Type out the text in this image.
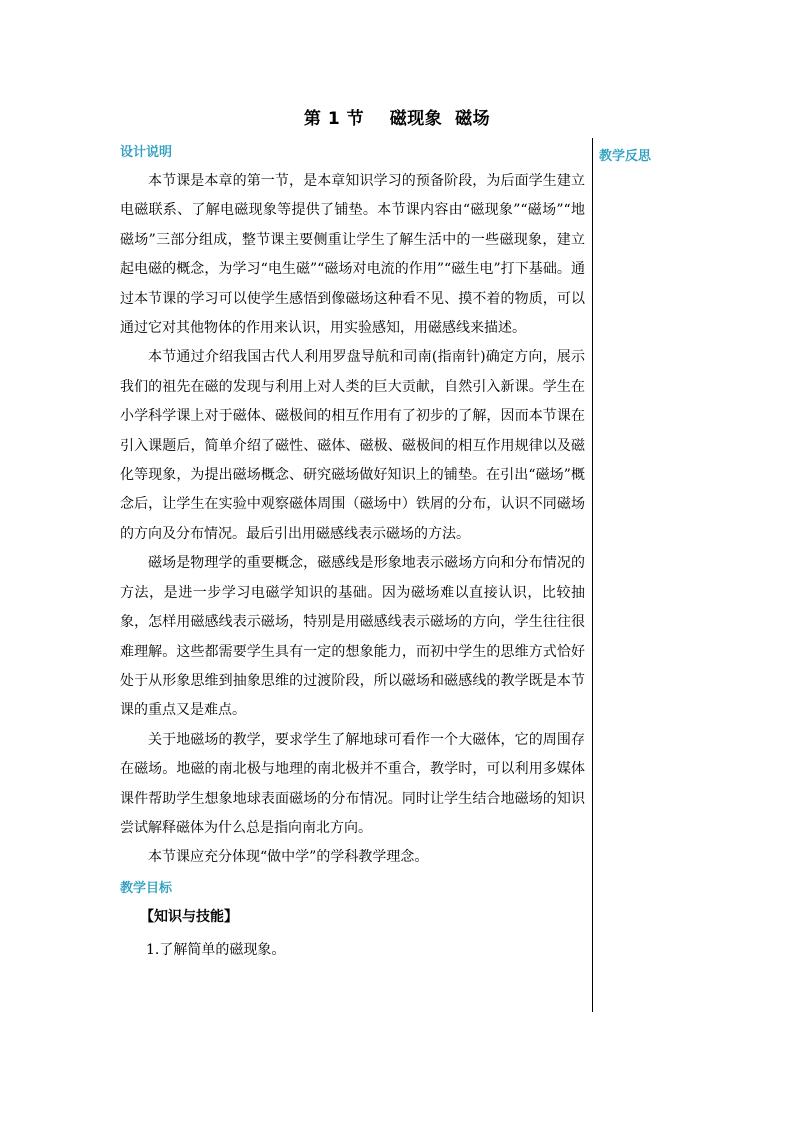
第 1 节    磁现象  磁场
教学反思
设计说明

本节课是本章的第一节，是本章知识学习的预备阶段，为后面学生建立电磁联系、了解电磁现象等提供了铺垫。本节课内容由“磁现象”“磁场”“地磁场”三部分组成，整节课主要侧重让学生了解生活中的一些磁现象，建立起电磁的概念，为学习“电生磁”“磁场对电流的作用”“磁生电”打下基础。通过本节课的学习可以使学生感悟到像磁场这种看不见、摸不着的物质，可以通过它对其他物体的作用来认识，用实验感知，用磁感线来描述。

本节通过介绍我国古代人利用罗盘导航和司南(指南针)确定方向，展示我们的祖先在磁的发现与利用上对人类的巨大贡献，自然引入新课。学生在小学科学课上对于磁体、磁极间的相互作用有了初步的了解，因而本节课在引入课题后，简单介绍了磁性、磁体、磁极、磁极间的相互作用规律以及磁化等现象，为提出磁场概念、研究磁场做好知识上的铺垫。在引出“磁场”概念后，让学生在实验中观察磁体周围（磁场中）铁屑的分布，认识不同磁场的方向及分布情况。最后引出用磁感线表示磁场的方法。

磁场是物理学的重要概念，磁感线是形象地表示磁场方向和分布情况的方法，是进一步学习电磁学知识的基础。因为磁场难以直接认识，比较抽象，怎样用磁感线表示磁场，特别是用磁感线表示磁场的方向，学生往往很难理解。这些都需要学生具有一定的想象能力，而初中学生的思维方式恰好处于从形象思维到抽象思维的过渡阶段，所以磁场和磁感线的教学既是本节课的重点又是难点。

关于地磁场的教学，要求学生了解地球可看作一个大磁体，它的周围存在磁场。地磁的南北极与地理的南北极并不重合，教学时，可以利用多媒体课件帮助学生想象地球表面磁场的分布情况。同时让学生结合地磁场的知识尝试解释磁体为什么总是指向南北方向。

本节课应充分体现“做中学”的学科教学理念。

教学目标
【知识与技能】
1.了解简单的磁现象。
